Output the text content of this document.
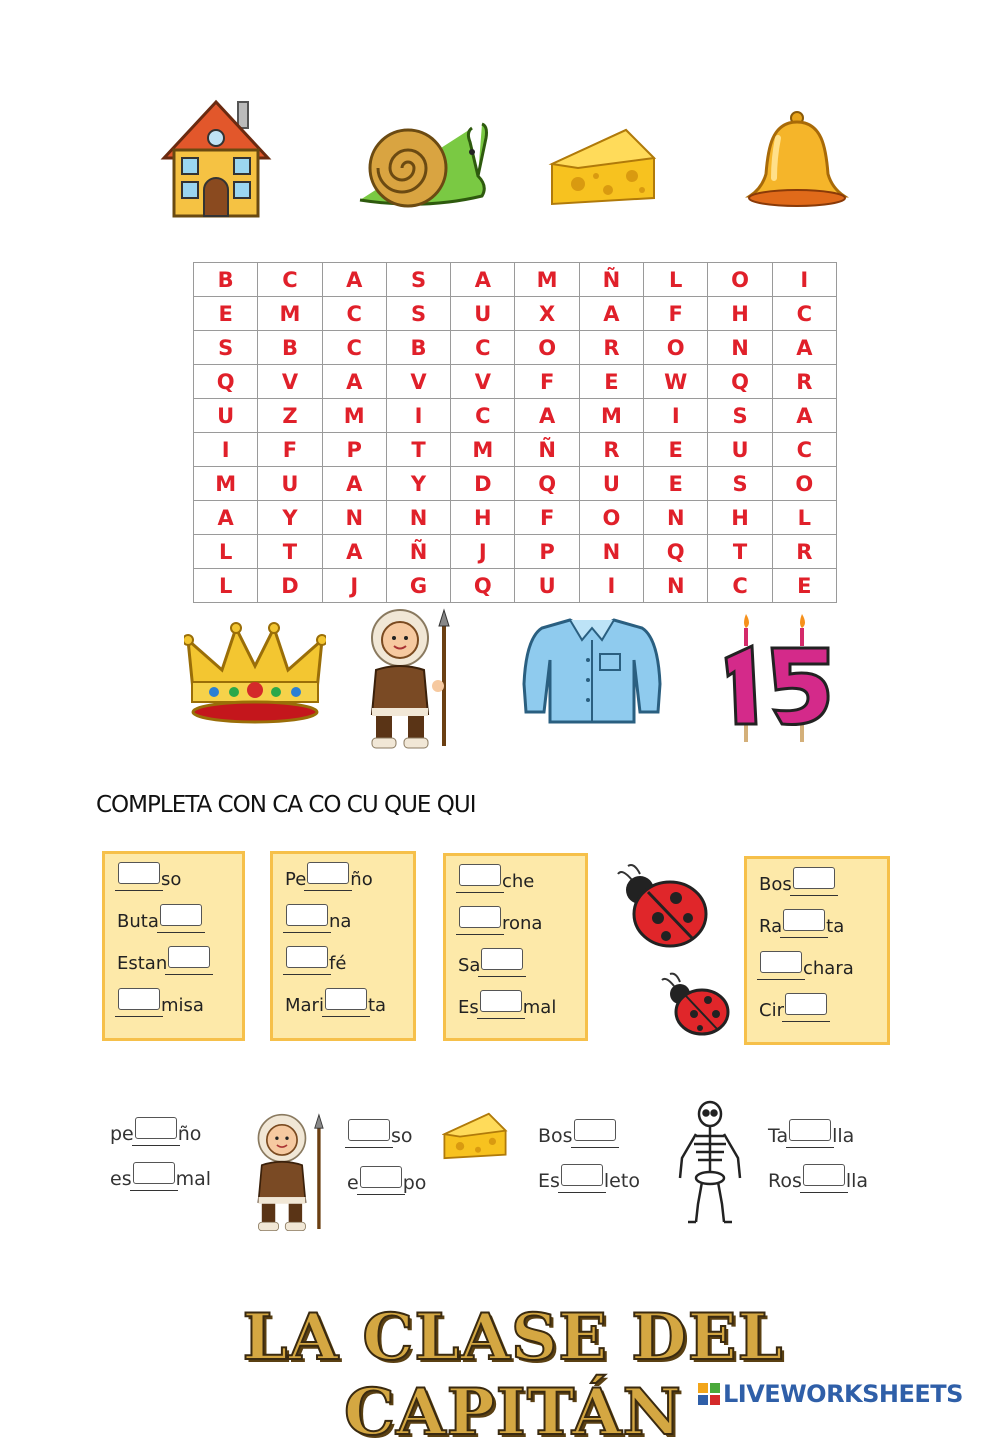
B	C	A	S	A	M	Ñ	L	O	I
E	M	C	S	U	X	A	F	H	C
S	B	C	B	C	O	R	O	N	A
Q	V	A	V	V	F	E	W	Q	R
U	Z	M	I	C	A	M	I	S	A
I	F	P	T	M	Ñ	R	E	U	C
M	U	A	Y	D	Q	U	E	S	O
A	Y	N	N	H	F	O	N	H	L
L	T	A	Ñ	J	P	N	Q	T	R
L	D	J	G	Q	U	I	N	C	E
COMPLETA CON CA CO CU QUE QUI
so
Buta
Estan
misa
Pe ño
na
fé
Mari ta
che
rona
Sa
Es mal
Bos
Ra ta
chara
Cir
pe ño
es mal
so
e po
Bos
Es leto
Ta lla
Ros lla
LA CLASE DEL CAPITÁN	LIVEWORKSHEETS
